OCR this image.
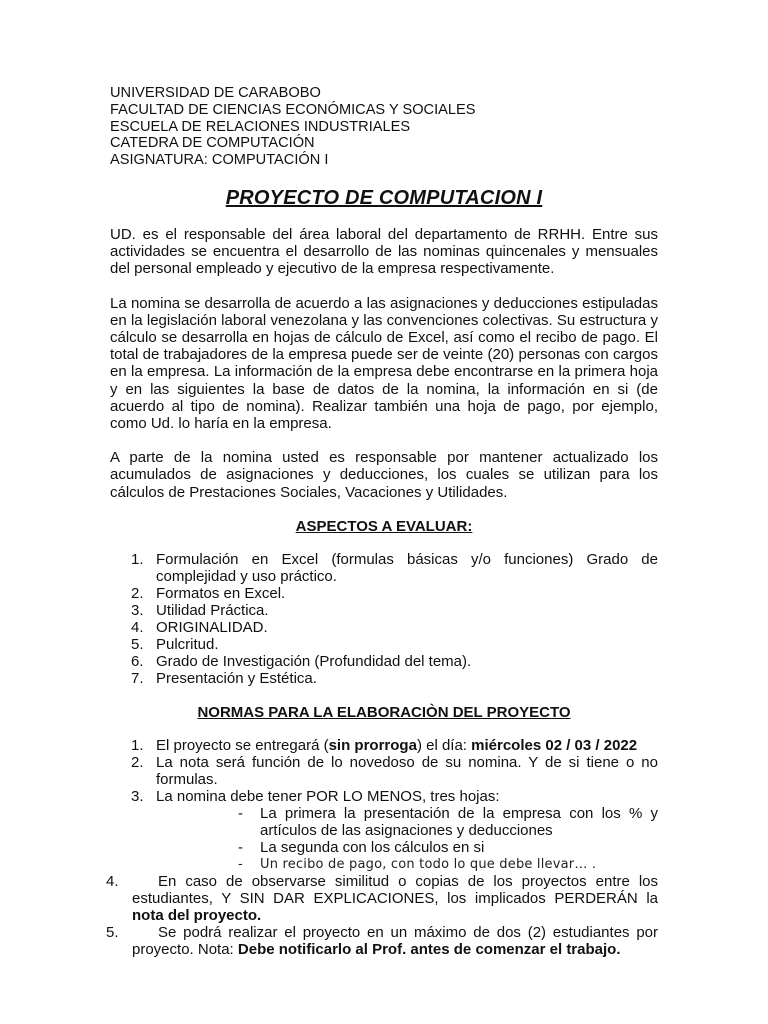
UNIVERSIDAD DE CARABOBO
FACULTAD DE CIENCIAS ECONÓMICAS Y SOCIALES
ESCUELA DE RELACIONES INDUSTRIALES
CATEDRA DE COMPUTACIÓN
ASIGNATURA: COMPUTACIÓN I
PROYECTO DE COMPUTACION I

UD. es el responsable del área laboral del departamento de RRHH. Entre sus actividades se encuentra el desarrollo de las nominas quincenales y mensuales del personal empleado y ejecutivo de la empresa respectivamente.

La nomina se desarrolla de acuerdo a las asignaciones y deducciones estipuladas en la legislación laboral venezolana y las convenciones colectivas. Su estructura y cálculo se desarrolla en hojas de cálculo de Excel, así como el recibo de pago. El total de trabajadores de la empresa puede ser de veinte (20) personas con cargos en la empresa. La información de la empresa debe encontrarse en la primera hoja y en las siguientes la base de datos de la nomina, la información en si (de acuerdo al tipo de nomina). Realizar también una hoja de pago, por ejemplo, como Ud. lo haría en la empresa.

A parte de la nomina usted es responsable por mantener actualizado los acumulados de asignaciones y deducciones, los cuales se utilizan para los cálculos de Prestaciones Sociales, Vacaciones y Utilidades.

ASPECTOS A EVALUAR:
1. Formulación en Excel (formulas básicas y/o funciones) Grado de complejidad y uso práctico.
2. Formatos en Excel.
3. Utilidad Práctica.
4. ORIGINALIDAD.
5. Pulcritud.
6. Grado de Investigación (Profundidad del tema).
7. Presentación y Estética.
NORMAS PARA LA ELABORACIÒN DEL PROYECTO
1. El proyecto se entregará (sin prorroga) el día: miércoles 02 / 03 / 2022
2. La nota será función de lo novedoso de su nomina. Y de si tiene o no formulas.
3. La nomina debe tener POR LO MENOS, tres hojas:
- La primera la presentación de la empresa con los % y artículos de las asignaciones y deducciones
- La segunda con los cálculos en si
- Un recibo de pago, con todo lo que debe llevar… .
4.	En caso de observarse similitud o copias de los proyectos entre los estudiantes, Y SIN DAR EXPLICACIONES, los implicados PERDERÁN la nota del proyecto.
5.	Se podrá realizar el proyecto en un máximo de dos (2) estudiantes por proyecto. Nota: Debe notificarlo al Prof. antes de comenzar el trabajo.
